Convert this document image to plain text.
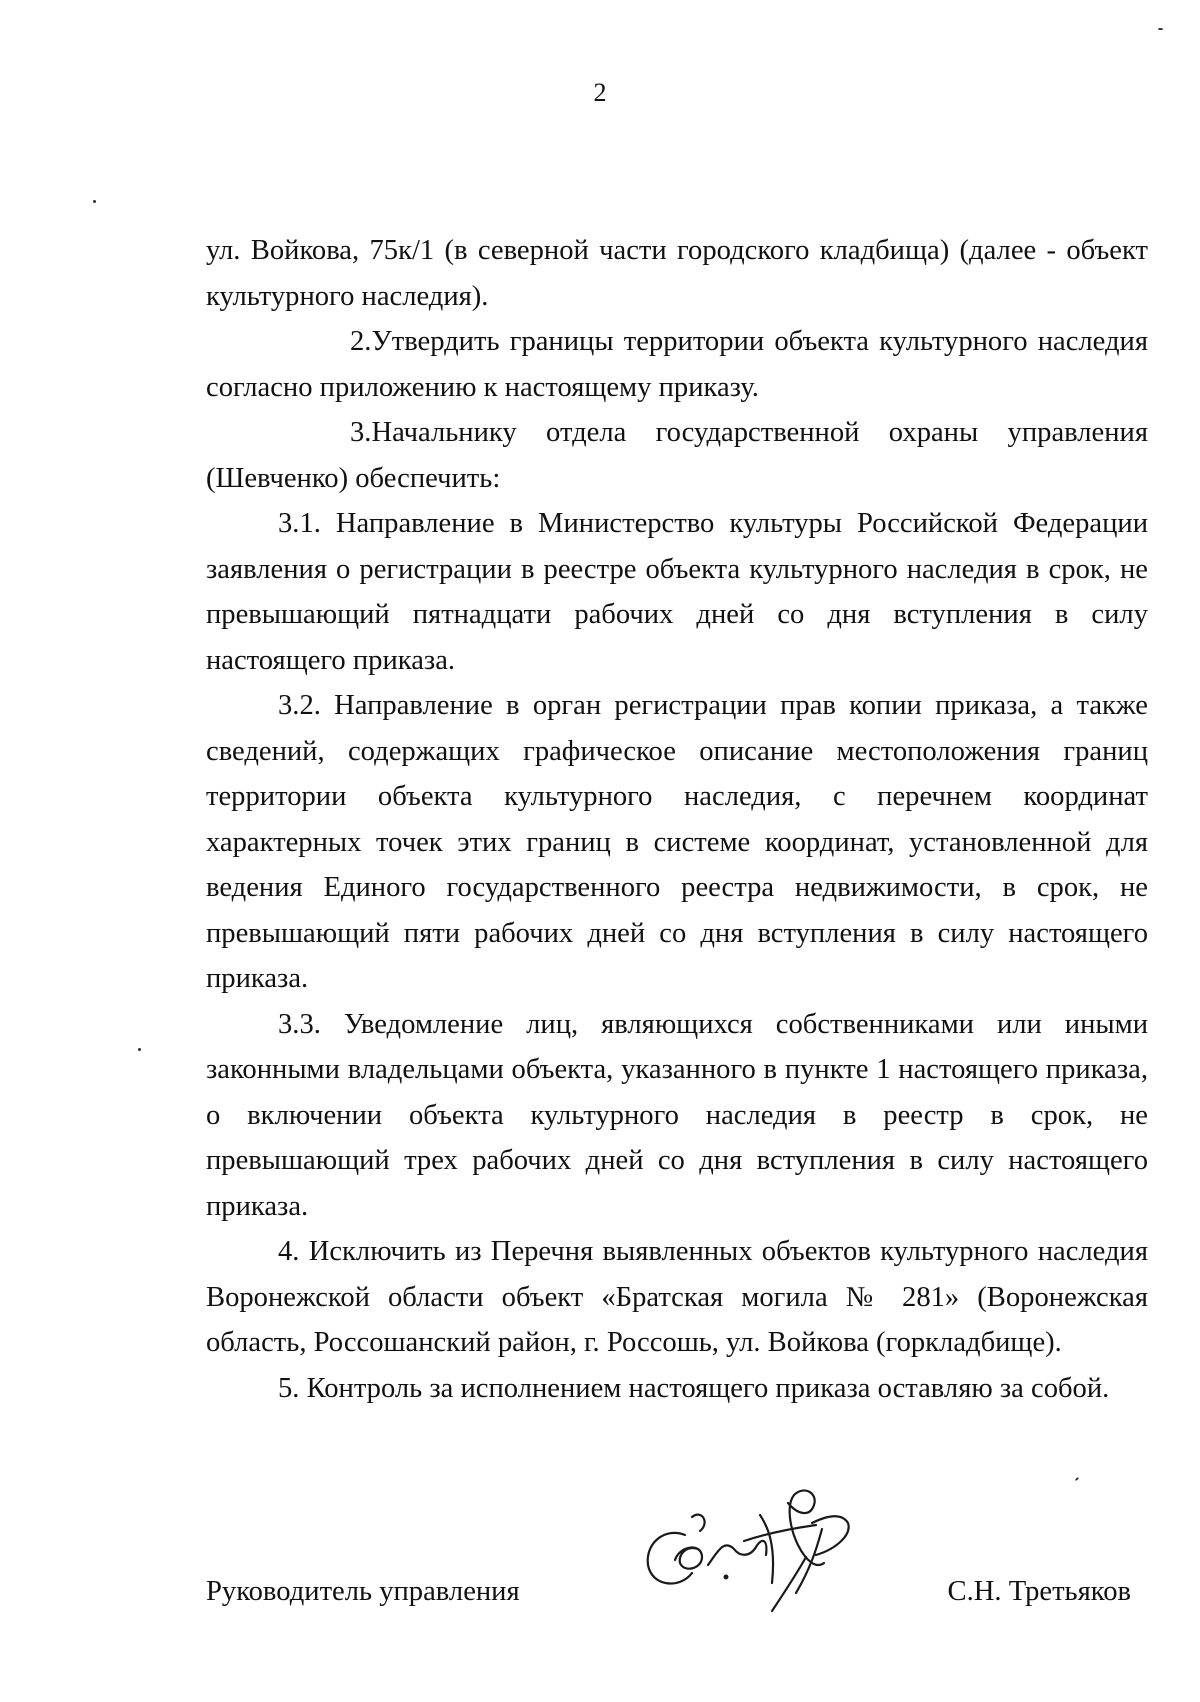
2

ул. Войкова, 75к/1 (в северной части городского кладбища) (далее - объект культурного наследия).

2.Утвердить границы территории объекта культурного наследия согласно приложению к настоящему приказу.

3.Начальнику отдела государственной охраны управления (Шевченко) обеспечить:

3.1. Направление в Министерство культуры Российской Федерации заявления о регистрации в реестре объекта культурного наследия в срок, не превышающий пятнадцати рабочих дней со дня вступления в силу настоящего приказа.

3.2. Направление в орган регистрации прав копии приказа, а также сведений, содержащих графическое описание местоположения границ территории объекта культурного наследия, с перечнем координат характерных точек этих границ в системе координат, установленной для ведения Единого государственного реестра недвижимости, в срок, не превышающий пяти рабочих дней со дня вступления в силу настоящего приказа.

3.3. Уведомление лиц, являющихся собственниками или иными законными владельцами объекта, указанного в пункте 1 настоящего приказа, о включении объекта культурного наследия в реестр в срок, не превышающий трех рабочих дней со дня вступления в силу настоящего приказа.

4. Исключить из Перечня выявленных объектов культурного наследия Воронежской области объект «Братская могила № 281» (Воронежская область, Россошанский район, г. Россошь, ул. Войкова (горкладбище).

5. Контроль за исполнением настоящего приказа оставляю за собой.

Руководитель управления	С.Н. Третьяков
